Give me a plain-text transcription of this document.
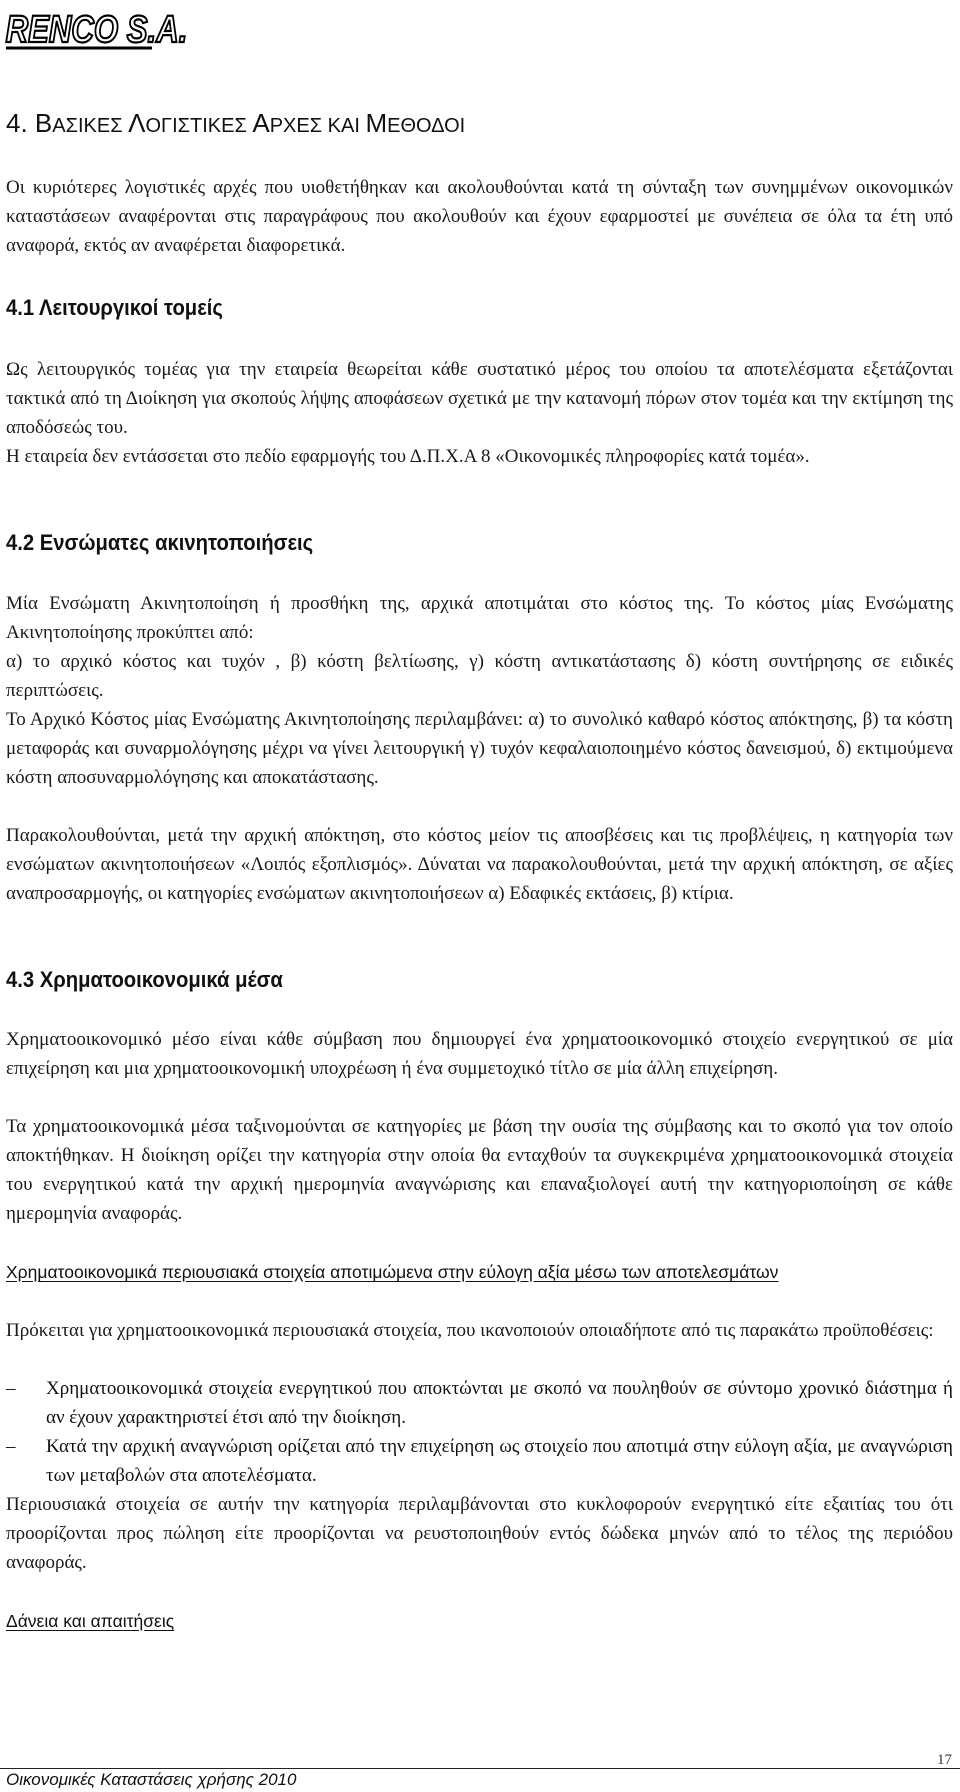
RENCO S.A.
4. ΒΑΣΙΚΕΣ ΛΟΓΙΣΤΙΚΕΣ ΑΡΧΕΣ ΚΑΙ ΜΕΘΟΔΟΙ
Οι κυριότερες λογιστικές αρχές που υιοθετήθηκαν και ακολουθούνται κατά τη σύνταξη των συνημμένων οικονομικών καταστάσεων αναφέρονται στις παραγράφους που ακολουθούν και έχουν εφαρμοστεί με συνέπεια σε όλα τα έτη υπό αναφορά, εκτός αν αναφέρεται διαφορετικά.
4.1 Λειτουργικοί τομείς
Ως λειτουργικός τομέας για την εταιρεία θεωρείται κάθε συστατικό μέρος του οποίου τα αποτελέσματα εξετάζονται τακτικά από τη Διοίκηση για σκοπούς λήψης αποφάσεων σχετικά με την κατανομή πόρων στον τομέα και την εκτίμηση της αποδόσεώς του.
Η εταιρεία δεν εντάσσεται στο πεδίο εφαρμογής του Δ.Π.Χ.Α 8 «Οικονομικές πληροφορίες κατά τομέα».
4.2 Ενσώματες ακινητοποιήσεις
Μία Ενσώματη Ακινητοποίηση ή προσθήκη της, αρχικά αποτιμάται στο κόστος της. Το κόστος μίας Ενσώματης Ακινητοποίησης προκύπτει από:
α) το αρχικό κόστος και τυχόν , β) κόστη βελτίωσης, γ) κόστη αντικατάστασης δ) κόστη συντήρησης σε ειδικές περιπτώσεις.
Το Αρχικό Κόστος μίας Ενσώματης Ακινητοποίησης περιλαμβάνει: α) το συνολικό καθαρό κόστος απόκτησης, β) τα κόστη μεταφοράς και συναρμολόγησης μέχρι να γίνει λειτουργική γ) τυχόν κεφαλαιοποιημένο κόστος δανεισμού, δ) εκτιμούμενα κόστη αποσυναρμολόγησης και αποκατάστασης.
Παρακολουθούνται, μετά την αρχική απόκτηση, στο κόστος μείον τις αποσβέσεις και τις προβλέψεις, η κατηγορία των ενσώματων ακινητοποιήσεων «Λοιπός εξοπλισμός». Δύναται να παρακολουθούνται, μετά την αρχική απόκτηση, σε αξίες αναπροσαρμογής, οι κατηγορίες ενσώματων ακινητοποιήσεων α) Εδαφικές εκτάσεις, β) κτίρια.
4.3 Χρηματοοικονομικά μέσα
Χρηματοοικονομικό μέσο είναι κάθε σύμβαση που δημιουργεί ένα χρηματοοικονομικό στοιχείο ενεργητικού σε μία επιχείρηση και μια χρηματοοικονομική υποχρέωση ή ένα συμμετοχικό τίτλο σε μία άλλη επιχείρηση.
Τα χρηματοοικονομικά μέσα ταξινομούνται σε κατηγορίες με βάση την ουσία της σύμβασης και το σκοπό για τον οποίο αποκτήθηκαν. Η διοίκηση ορίζει την κατηγορία στην οποία θα ενταχθούν τα συγκεκριμένα χρηματοοικονομικά στοιχεία του ενεργητικού κατά την αρχική ημερομηνία αναγνώρισης και επαναξιολογεί αυτή την κατηγοριοποίηση σε κάθε ημερομηνία αναφοράς.
Χρηματοοικονομικά περιουσιακά στοιχεία αποτιμώμενα στην εύλογη αξία μέσω των αποτελεσμάτων
Πρόκειται για χρηματοοικονομικά περιουσιακά στοιχεία, που ικανοποιούν οποιαδήποτε από τις παρακάτω προϋποθέσεις:
–	Χρηματοοικονομικά στοιχεία ενεργητικού που αποκτώνται με σκοπό να πουληθούν σε σύντομο χρονικό διάστημα ή αν έχουν χαρακτηριστεί έτσι από την διοίκηση.
–	Κατά την αρχική αναγνώριση ορίζεται από την επιχείρηση ως στοιχείο που αποτιμά στην εύλογη αξία, με αναγνώριση των μεταβολών στα αποτελέσματα.
Περιουσιακά στοιχεία σε αυτήν την κατηγορία περιλαμβάνονται στο κυκλοφορούν ενεργητικό είτε εξαιτίας του ότι προορίζονται προς πώληση είτε προορίζονται να ρευστοποιηθούν εντός δώδεκα μηνών από το τέλος της περιόδου αναφοράς.
Δάνεια και απαιτήσεις
17
Οικονομικές Καταστάσεις χρήσης 2010
